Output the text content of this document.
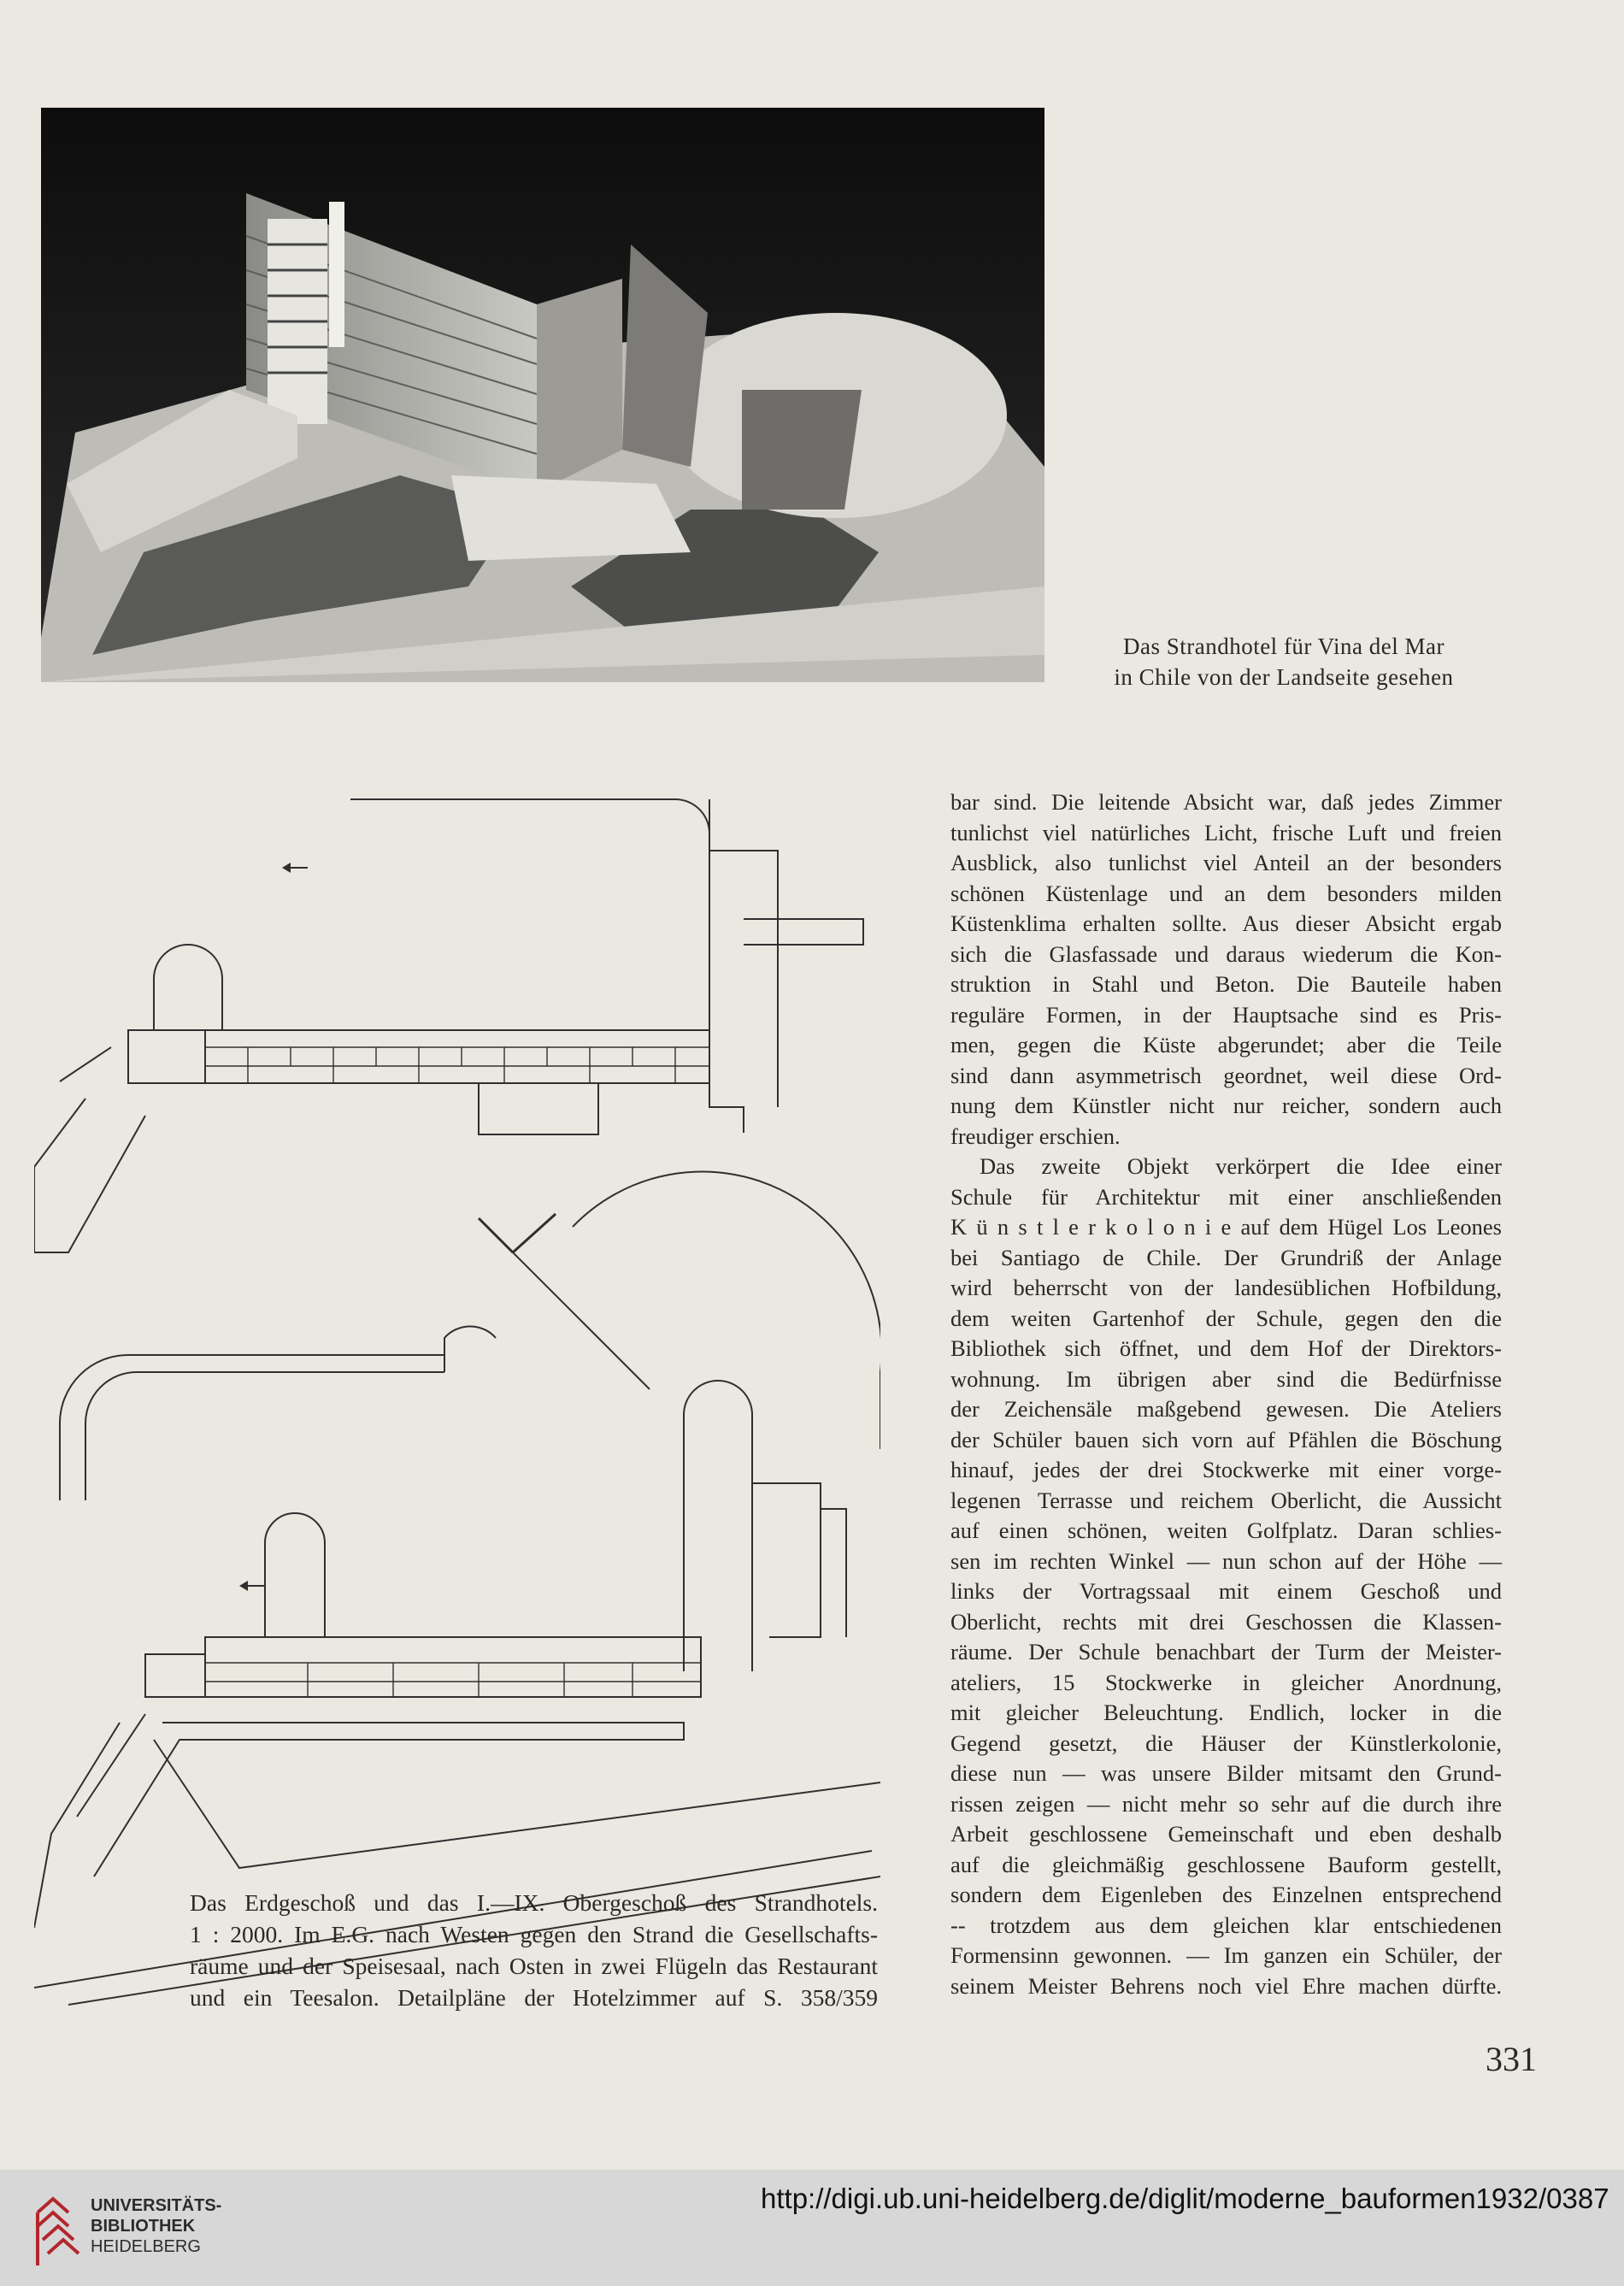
Das Strandhotel für Vina del Mar
in Chile von der Landseite gesehen
Das Erdgeschoß und das I.—IX. Obergeschoß des Strandhotels.
1 : 2000. Im E.G. nach Westen gegen den Strand die Gesellschafts-
räume und der Speisesaal, nach Osten in zwei Flügeln das Restaurant
und ein Teesalon. Detailpläne der Hotelzimmer auf S. 358/359
bar sind. Die leitende Absicht war, daß jedes Zimmer
tunlichst viel natürliches Licht, frische Luft und freien
Ausblick, also tunlichst viel Anteil an der besonders
schönen Küstenlage und an dem besonders milden
Küstenklima erhalten sollte. Aus dieser Absicht ergab
sich die Glasfassade und daraus wiederum die Kon-
struktion in Stahl und Beton. Die Bauteile haben
reguläre Formen, in der Hauptsache sind es Pris-
men, gegen die Küste abgerundet; aber die Teile
sind dann asymmetrisch geordnet, weil diese Ord-
nung dem Künstler nicht nur reicher, sondern auch
freudiger erschien.
Das zweite Objekt verkörpert die Idee einer
Schule für Architektur mit einer anschließenden
K ü n s t l e r k o l o n i e auf dem Hügel Los Leones
bei Santiago de Chile. Der Grundriß der Anlage
wird beherrscht von der landesüblichen Hofbildung,
dem weiten Gartenhof der Schule, gegen den die
Bibliothek sich öffnet, und dem Hof der Direktors-
wohnung. Im übrigen aber sind die Bedürfnisse
der Zeichensäle maßgebend gewesen. Die Ateliers
der Schüler bauen sich vorn auf Pfählen die Böschung
hinauf, jedes der drei Stockwerke mit einer vorge-
legenen Terrasse und reichem Oberlicht, die Aussicht
auf einen schönen, weiten Golfplatz. Daran schlies-
sen im rechten Winkel — nun schon auf der Höhe —
links der Vortragssaal mit einem Geschoß und
Oberlicht, rechts mit drei Geschossen die Klassen-
räume. Der Schule benachbart der Turm der Meister-
ateliers, 15 Stockwerke in gleicher Anordnung,
mit gleicher Beleuchtung. Endlich, locker in die
Gegend gesetzt, die Häuser der Künstlerkolonie,
diese nun — was unsere Bilder mitsamt den Grund-
rissen zeigen — nicht mehr so sehr auf die durch ihre
Arbeit geschlossene Gemeinschaft und eben deshalb
auf die gleichmäßig geschlossene Bauform gestellt,
sondern dem Eigenleben des Einzelnen entsprechend
-- trotzdem aus dem gleichen klar entschiedenen
Formensinn gewonnen. — Im ganzen ein Schüler, der
seinem Meister Behrens noch viel Ehre machen dürfte.
331
UNIVERSITÄTS-
BIBLIOTHEK
HEIDELBERG
http://digi.ub.uni-heidelberg.de/diglit/moderne_bauformen1932/0387
